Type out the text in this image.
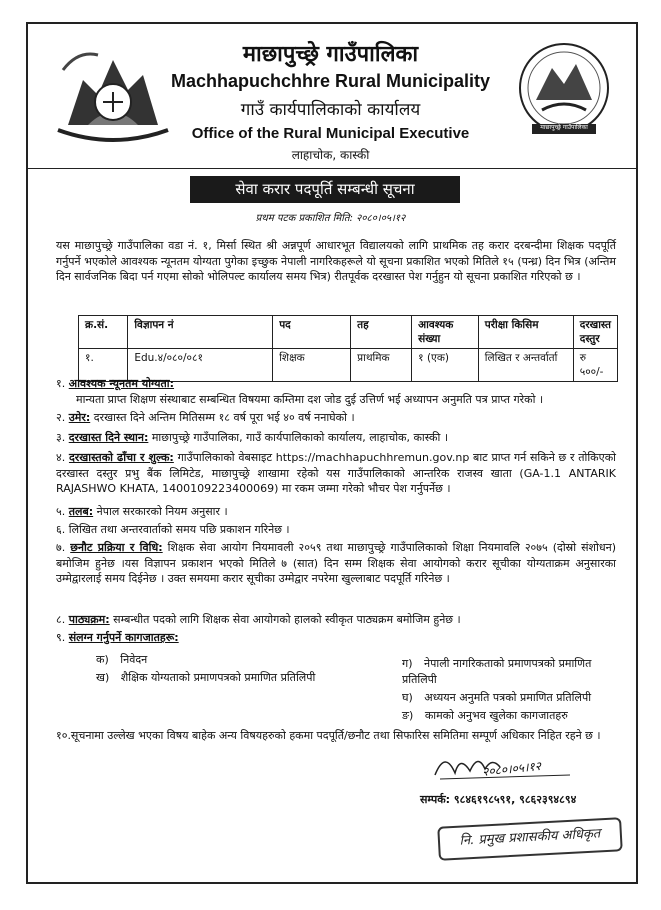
माछापुच्छ्रे गाउँपालिका
माछापुच्छ्रे गाउँपालिका
Machhapuchchhre Rural Municipality
गाउँ कार्यपालिकाको कार्यालय
Office of the Rural Municipal Executive
लाहाचोक, कास्की
सेवा करार पदपूर्ति सम्बन्धी सूचना
प्रथम पटक प्रकाशित मिति: २०८०।०५।१२
यस माछापुच्छ्रे गाउँपालिका वडा नं. १, मिर्सा स्थित श्री अन्नपूर्ण आधारभूत विद्यालयको लागि प्राथमिक तह करार दरबन्दीमा शिक्षक पदपूर्ति गर्नुपर्ने भएकोले आवश्यक न्यूनतम योग्यता पुगेका इच्छुक नेपाली नागरिकहरूले यो सूचना प्रकाशित भएको मितिले १५ (पन्ध्र) दिन भित्र (अन्तिम दिन सार्वजनिक बिदा पर्न गएमा सोको भोलिपल्ट कार्यालय समय भित्र) रीतपूर्वक दरखास्त पेश गर्नुहुन यो सूचना प्रकाशित गरिएको छ ।
क्र.सं.	विज्ञापन नं	पद	तह	आवश्यक संख्या	परीक्षा किसिम	दरखास्त दस्तुर
१.	Edu.४/०८०/०८१	शिक्षक	प्राथमिक	१ (एक)	लिखित र अन्तर्वार्ता	रु ५००/-
१. आवश्यक न्यूनतम योग्यता:
मान्यता प्राप्त शिक्षण संस्थाबाट सम्बन्धित विषयमा कम्तिमा दश जोड दुई उत्तिर्ण भई अध्यापन अनुमति पत्र प्राप्त गरेको ।
२. उमेर: दरखास्त दिने अन्तिम मितिसम्म १८ वर्ष पूरा भई ४० वर्ष ननाघेको ।
३. दरखास्त दिने स्थान: माछापुच्छ्रे गाउँपालिका, गाउँ कार्यपालिकाको कार्यालय, लाहाचोक, कास्की ।
४. दरखास्तको ढाँचा र शुल्क: गाउँपालिकाको वेबसाइट https://machhapuchhremun.gov.np बाट प्राप्त गर्न सकिने छ र तोकिएको दरखास्त दस्तुर प्रभु बैंक लिमिटेड, माछापुच्छ्रे शाखामा रहेको यस गाउँपालिकाको आन्तरिक राजस्व खाता (GA-1.1 ANTARIK RAJASHWO KHATA, 1400109223400069) मा रकम जम्मा गरेको भौचर पेश गर्नुपर्नेछ ।
५. तलब: नेपाल सरकारको नियम अनुसार ।
६. लिखित तथा अन्तरवार्ताको समय पछि प्रकाशन गरिनेछ ।
७. छनौट प्रक्रिया र विधि: शिक्षक सेवा आयोग नियमावली २०५९ तथा माछापुच्छ्रे गाउँपालिकाको शिक्षा नियमावलि २०७५ (दोस्रो संशोधन) बमोजिम हुनेछ ।यस विज्ञापन प्रकाशन भएको मितिले ७ (सात) दिन सम्म शिक्षक सेवा आयोगको करार सूचीका योग्यताक्रम अनुसारका उम्मेद्वारलाई समय दिईनेछ । उक्त समयमा करार सूचीका उम्मेद्वार नपरेमा खुल्लाबाट पदपूर्ति गरिनेछ ।
८. पाठ्यक्रम: सम्बन्धीत पदको लागि शिक्षक सेवा आयोगको हालको स्वीकृत पाठ्यक्रम बमोजिम हुनेछ ।
९. संलग्न गर्नुपर्ने कागजातहरू:
क) निवेदन
ख) शैक्षिक योग्यताको प्रमाणपत्रको प्रमाणित प्रतिलिपी
ग) नेपाली नागरिकताको प्रमाणपत्रको प्रमाणित प्रतिलिपी
घ) अध्ययन अनुमति पत्रको प्रमाणित प्रतिलिपी
ङ) कामको अनुभव खुलेका कागजातहरु
१०.सूचनामा उल्लेख भएका विषय बाहेक अन्य विषयहरुको हकमा पदपूर्ति/छनौट तथा सिफारिस समितिमा सम्पूर्ण अधिकार निहित रहने छ ।
२०८०।०५।१२
सम्पर्क: ९८४६१९८५९१, ९८६२३९४८९४
नि. प्रमुख प्रशासकीय अधिकृत
